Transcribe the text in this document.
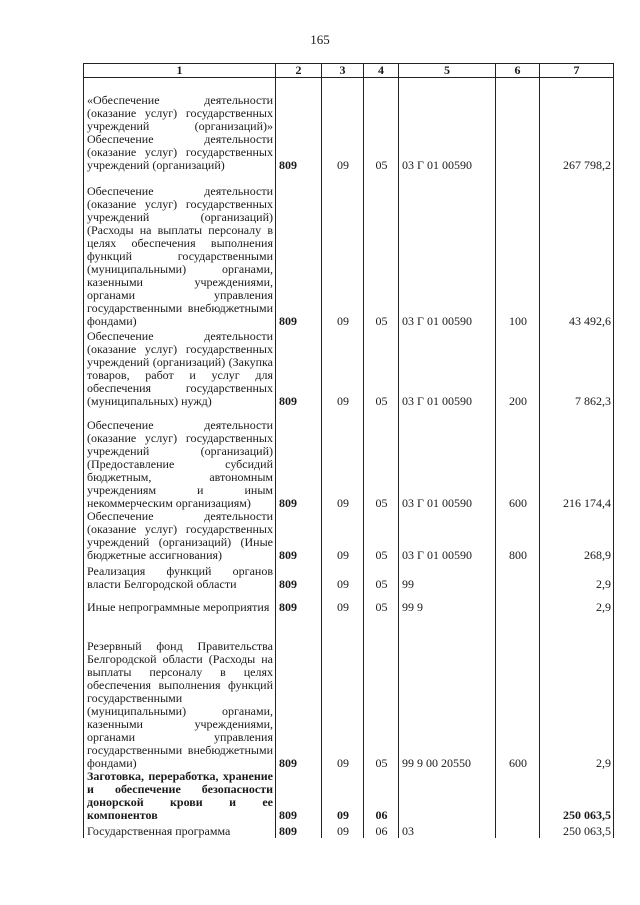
165
1	2	3	4	5	6	7
«Обеспечение деятельности (оказание услуг) государственных учреждений (организаций)» Обеспечение деятельности (оказание услуг) государственных учреждений (организаций)	809	09	05	03 Г 01 00590		267 798,2
Обеспечение деятельности (оказание услуг) государственных учреждений (организаций) (Расходы на выплаты персоналу в целях обеспечения выполнения функций государственными (муниципальными) органами, казенными учреждениями, органами управления государственными внебюджетными фондами)	809	09	05	03 Г 01 00590	100	43 492,6
Обеспечение деятельности (оказание услуг) государственных учреждений (организаций) (Закупка товаров, работ и услуг для обеспечения государственных (муниципальных) нужд)	809	09	05	03 Г 01 00590	200	7 862,3
Обеспечение деятельности (оказание услуг) государственных учреждений (организаций) (Предоставление субсидий бюджетным, автономным учреждениям и иным некоммерческим организациям)	809	09	05	03 Г 01 00590	600	216 174,4
Обеспечение деятельности (оказание услуг) государственных учреждений (организаций) (Иные бюджетные ассигнования)	809	09	05	03 Г 01 00590	800	268,9
Реализация функций органов власти Белгородской области	809	09	05	99		2,9
Иные непрограммные мероприятия	809	09	05	99 9		2,9
Резервный фонд Правительства Белгородской области (Расходы на выплаты персоналу в целях обеспечения выполнения функций государственными (муниципальными) органами, казенными учреждениями, органами управления государственными внебюджетными фондами)	809	09	05	99 9 00 20550	600	2,9
Заготовка, переработка, хранение и обеспечение безопасности донорской крови и ее компонентов	809	09	06			250 063,5
Государственная программа	809	09	06	03		250 063,5
